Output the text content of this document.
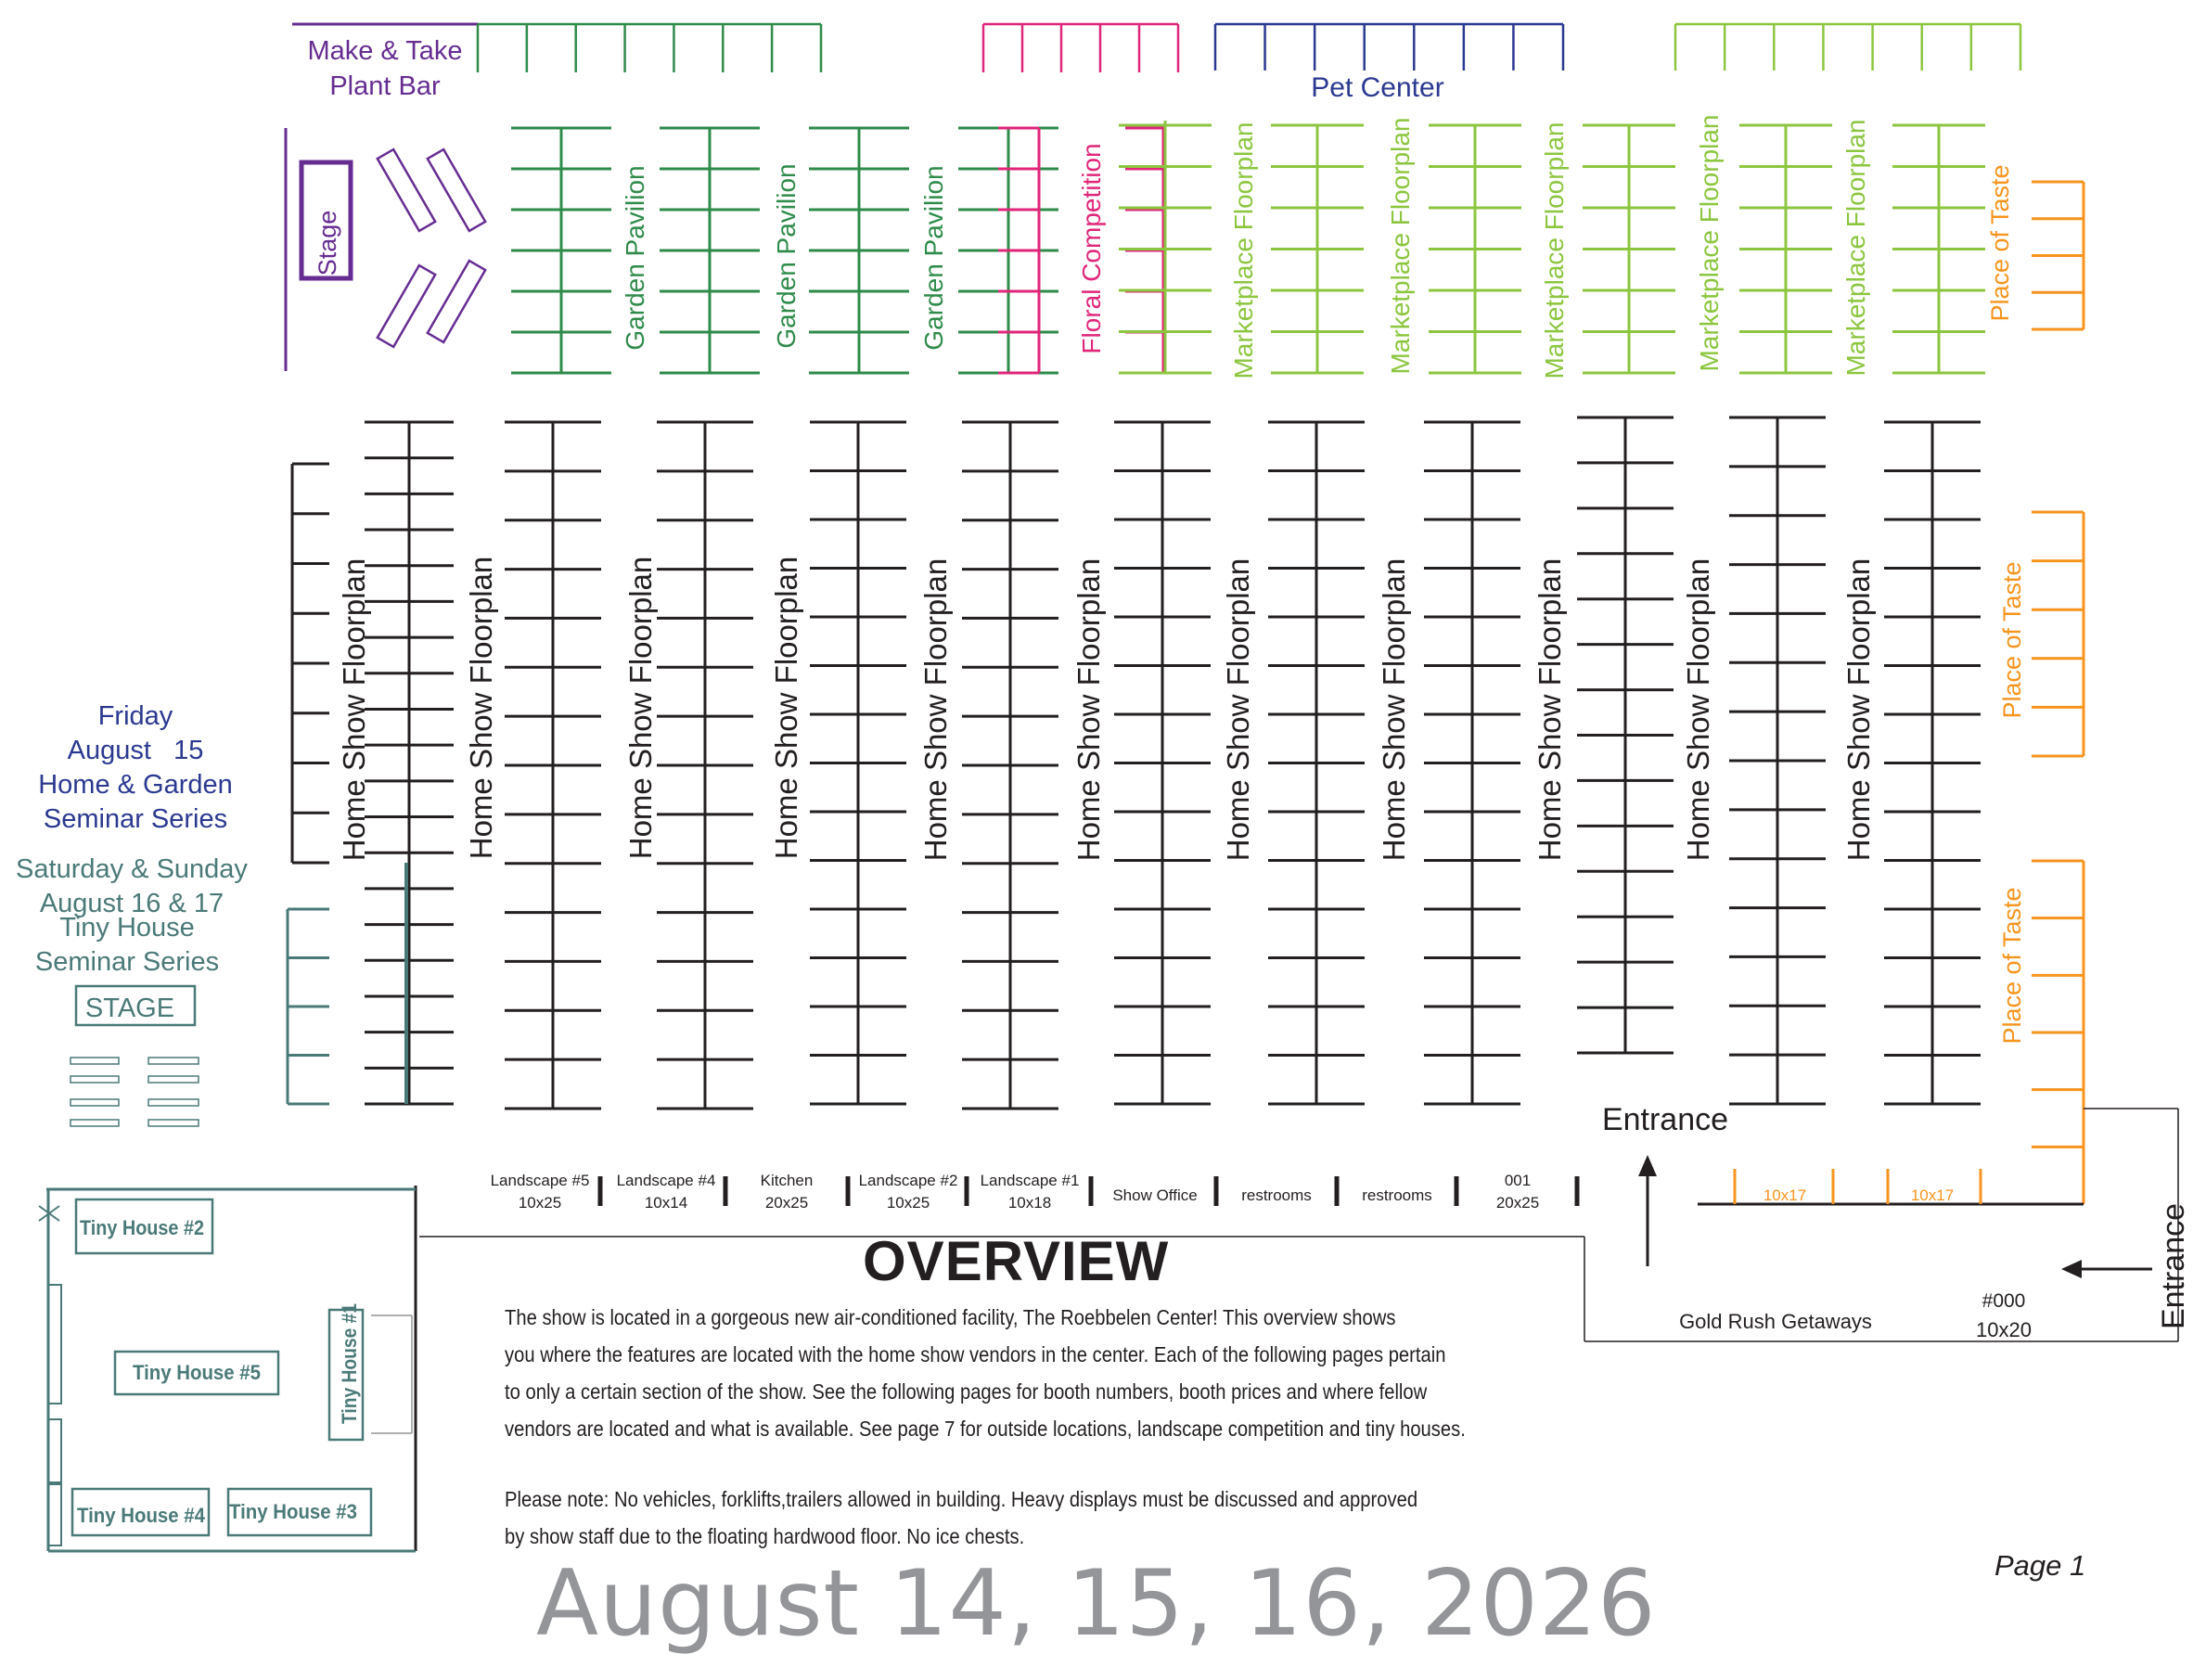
Make & Take
Plant Bar
Stage
Pet Center
Friday
August   15
Home & Garden
Seminar Series
Saturday & Sunday
August 16 & 17
Tiny House
Seminar Series
STAGE
Garden Pavilion	Garden Pavilion	Garden Pavilion	Floral Competition	Marketplace Floorplan	Marketplace Floorplan	Marketplace Floorplan	Marketplace Floorplan	Marketplace Floorplan	Place of Taste
Place of Taste
Place of Taste
Home Show Floorplan	Home Show Floorplan	Home Show Floorplan	Home Show Floorplan	Home Show Floorplan	Home Show Floorplan	Home Show Floorplan	Home Show Floorplan	Home Show Floorplan	Home Show Floorplan	Home Show Floorplan
Landscape #5
10x25
Landscape #4
10x14
Kitchen
20x25
Landscape #2
10x25
Landscape #1
10x18	Show Office	restrooms	restrooms
001
20x25
Entrance
Entrance
10x17	10x17
#000
Gold Rush Getaways	10x20
Tiny House #2
Tiny House #5	Tiny House #1
Tiny House #4 Tiny House #3
OVERVIEW

The show is located in a gorgeous new air-conditioned facility, The Roebbelen Center! This overview shows

you where the features are located with the home show vendors in the center. Each of the following pages pertain

to only a certain section of the show. See the following pages for booth numbers, booth prices and where fellow

vendors are located and what is available. See page 7 for outside locations, landscape competition and tiny houses.

Please note: No vehicles, forklifts,trailers allowed in building. Heavy displays must be discussed and approved

by show staff due to the floating hardwood floor. No ice chests.

August 14, 15, 16, 2026	Page 1
